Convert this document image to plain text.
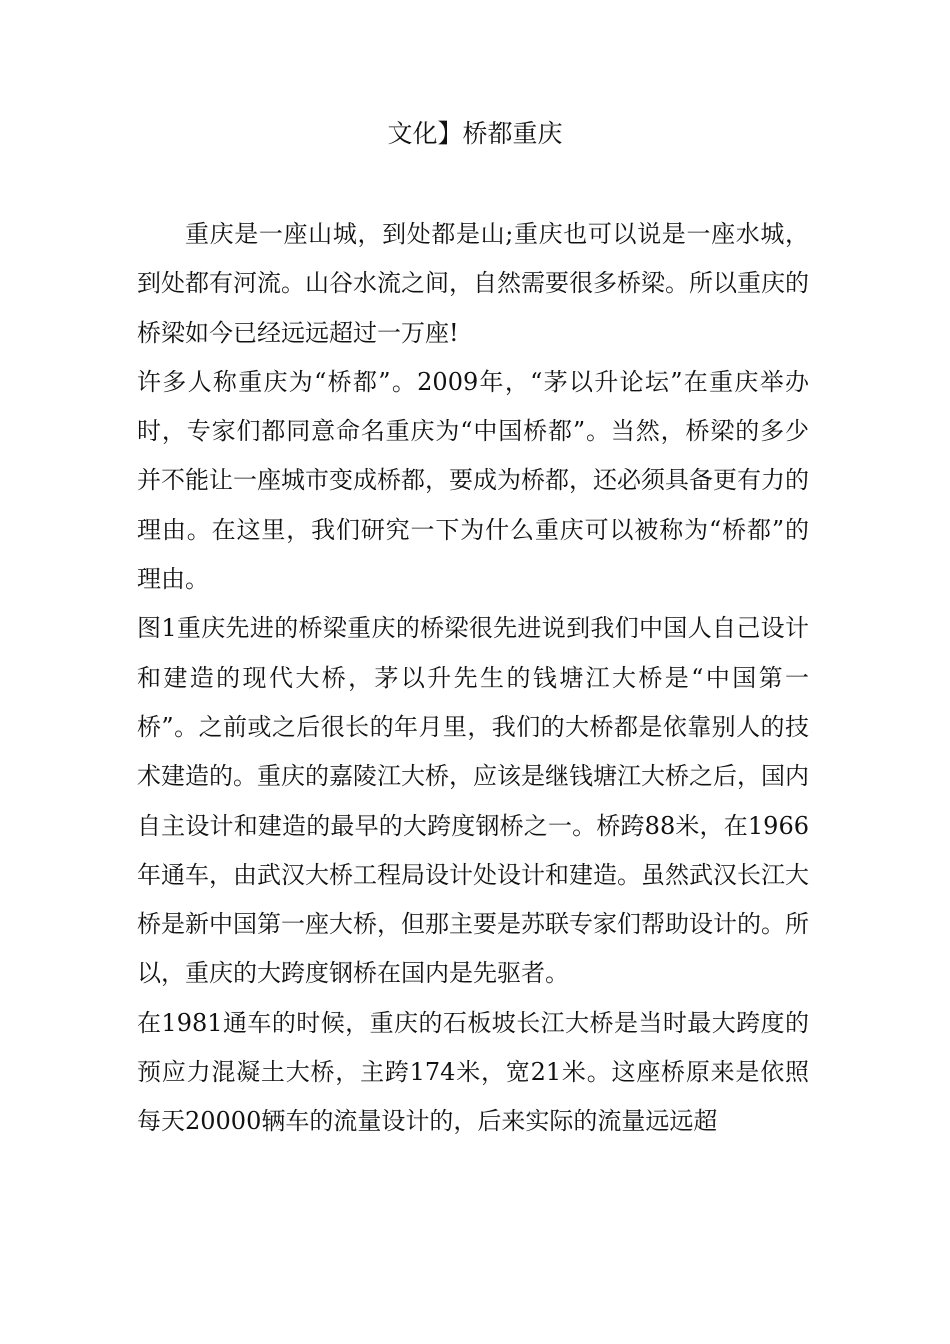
文化】桥都重庆

重庆是一座山城，到处都是山;重庆也可以说是一座水城，到处都有河流。山谷水流之间，自然需要很多桥梁。所以重庆的桥梁如今已经远远超过一万座!

许多人称重庆为“桥都”。2009年，“茅以升论坛”在重庆举办时，专家们都同意命名重庆为“中国桥都”。当然，桥梁的多少并不能让一座城市变成桥都，要成为桥都，还必须具备更有力的理由。在这里，我们研究一下为什么重庆可以被称为“桥都”的理由。

图1重庆先进的桥梁重庆的桥梁很先进说到我们中国人自己设计和建造的现代大桥，茅以升先生的钱塘江大桥是“中国第一桥”。之前或之后很长的年月里，我们的大桥都是依靠别人的技术建造的。重庆的嘉陵江大桥，应该是继钱塘江大桥之后，国内自主设计和建造的最早的大跨度钢桥之一。桥跨88米，在1966年通车，由武汉大桥工程局设计处设计和建造。虽然武汉长江大桥是新中国第一座大桥，但那主要是苏联专家们帮助设计的。所以，重庆的大跨度钢桥在国内是先驱者。

在1981通车的时候，重庆的石板坡长江大桥是当时最大跨度的预应力混凝土大桥，主跨174米，宽21米。这座桥原来是依照每天20000辆车的流量设计的，后来实际的流量远远超
